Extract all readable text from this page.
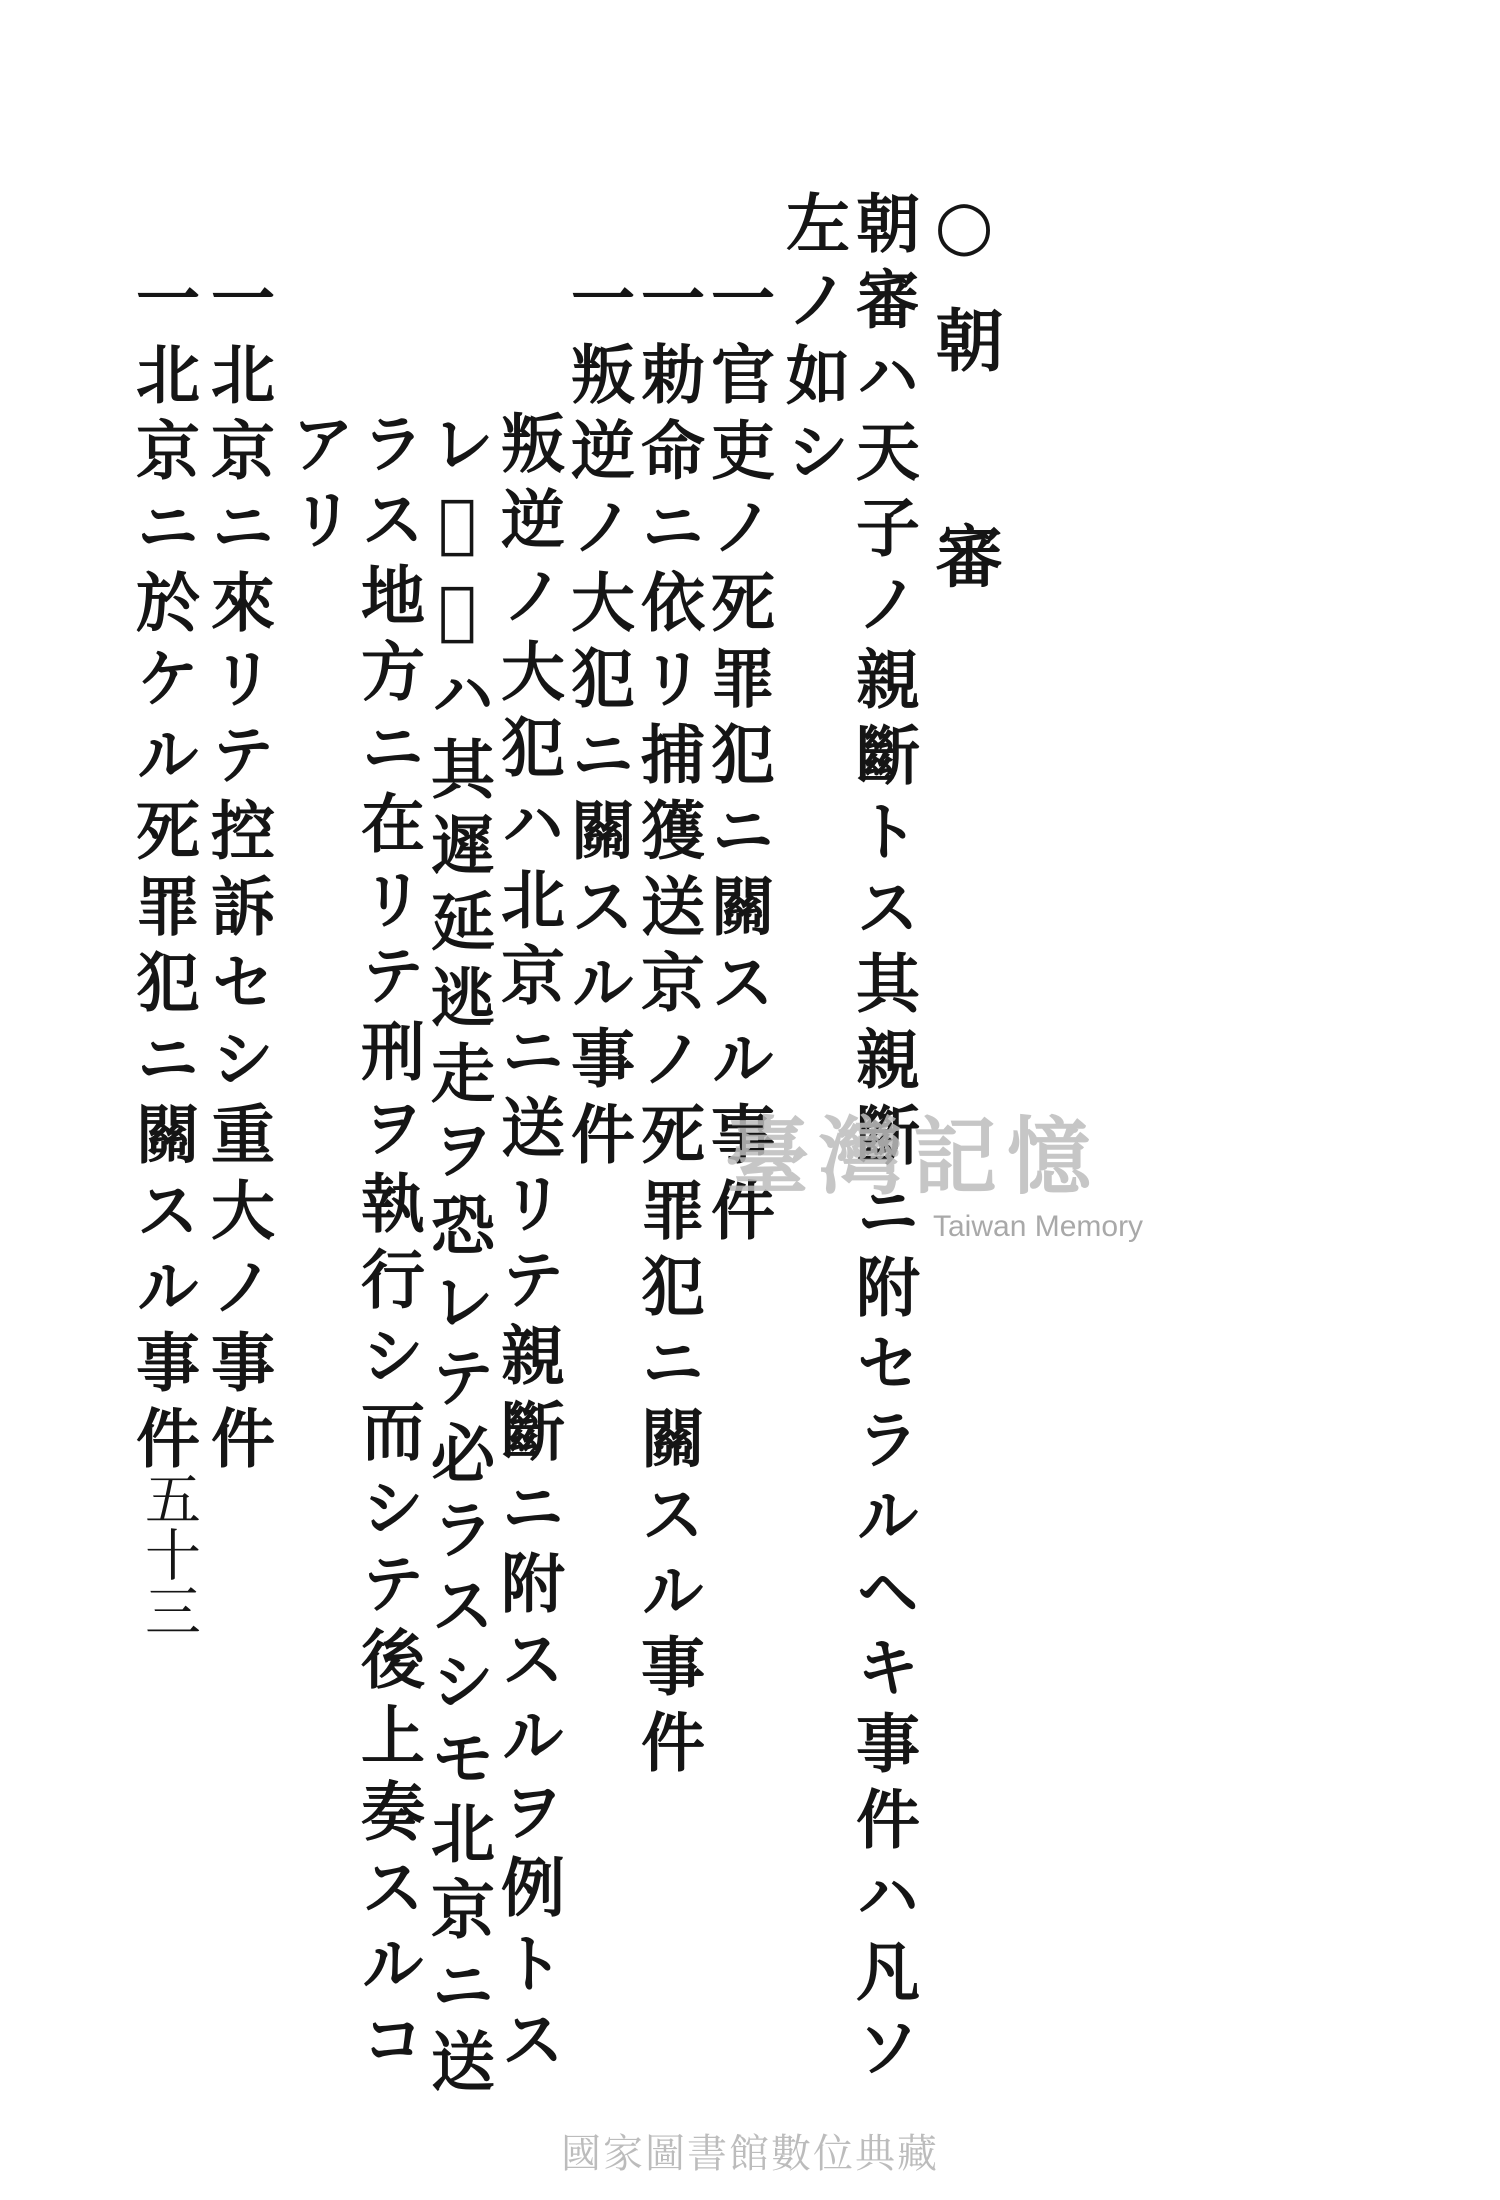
○朝　審
朝審ハ天子ノ親斷トス其親斷ニ附セラルヘキ事件ハ凡ソ
左ノ如シ
一官吏ノ死罪犯ニ關スル事件
一勅命ニ依リ捕獲送京ノ死罪犯ニ關スル事件
一叛逆ノ大犯ニ關スル事件
叛逆ノ大犯ハ北京ニ送リテ親斷ニ附スルヲ例トス
レ𪜈或ハ其遲延逃走ヲ恐レテ必ラスシモ北京ニ送
ラス地方ニ在リテ刑ヲ執行シ而シテ後上奏スルコ
アリ
一北京ニ來リテ控訴セシ重大ノ事件
一北京ニ於ケル死罪犯ニ關スル事件
五十三
臺灣記憶
Taiwan Memory
國家圖書館數位典藏
